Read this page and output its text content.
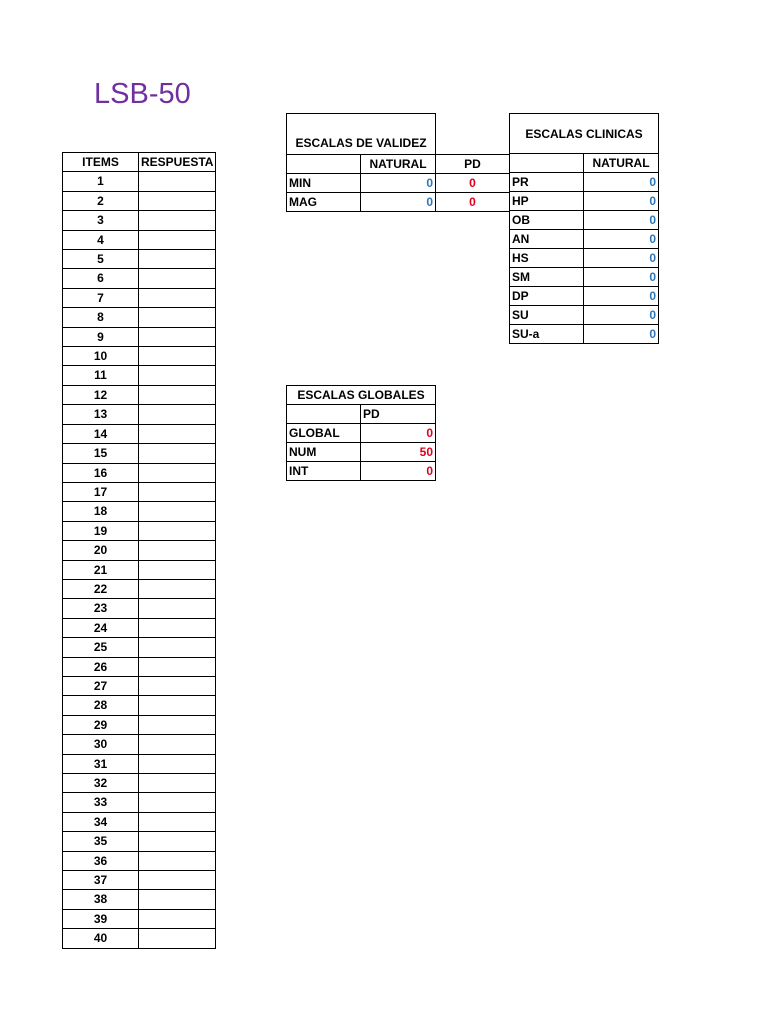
LSB-50
ITEMS	RESPUESTA
1	
2	
3	
4	
5	
6	
7	
8	
9	
10	
11	
12	
13	
14	
15	
16	
17	
18	
19	
20	
21	
22	
23	
24	
25	
26	
27	
28	
29	
30	
31	
32	
33	
34	
35	
36	
37	
38	
39	
40	
ESCALAS DE VALIDEZ		
	NATURAL	PD
MIN	0	0
MAG	0	0
ESCALAS CLINICAS	
	NATURAL
PR	0
HP	0
OB	0
AN	0
HS	0
SM	0
DP	0
SU	0
SU-a	0
ESCALAS GLOBALES	
	PD
GLOBAL	0
NUM	50
INT	0
